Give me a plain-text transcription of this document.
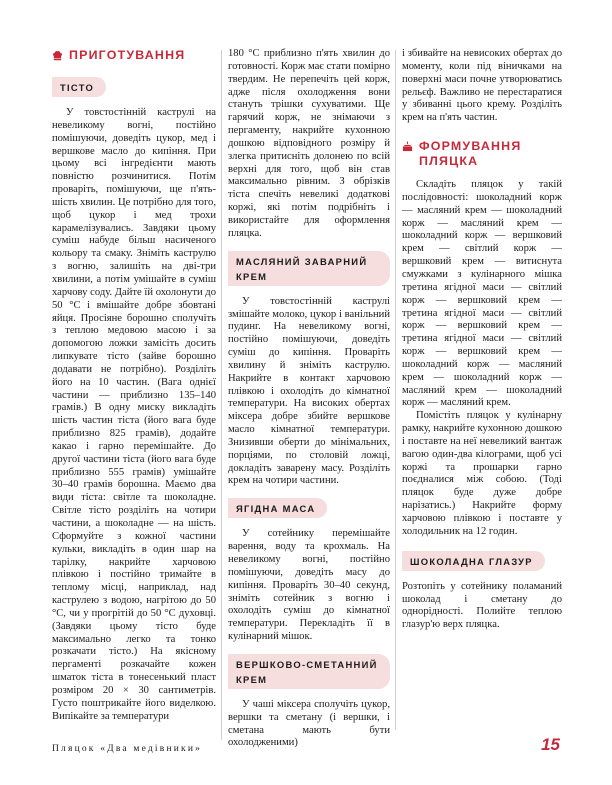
ПРИГОТУВАННЯ
ТІСТО

У товстостінній каструлі на невеликому вогні, постійно помішуючи, доведіть цукор, мед і вершкове масло до кипіння. При цьому всі інгредієнти мають повністю розчинитися. Потім проваріть, помішуючи, ще п'ять-шість хвилин. Це потрібно для того, щоб цукор і мед трохи карамелізувались. Завдяки цьому суміш набуде більш насиченого кольору та смаку. Зніміть каструлю з вогню, залишіть на дві-три хвилини, а потім умішайте в суміш харчову соду. Дайте їй охолонути до 50 °С і вмішайте добре збовтані яйця. Просіяне борошно сполучіть з теплою медовою масою і за допомогою ложки замісіть досить липкувате тісто (зайве борошно додавати не потрібно). Розділіть його на 10 частин. (Вага однієї частини — приблизно 135–140 грамів.) В одну миску викладіть шість частин тіста (його вага буде приблизно 825 грамів), додайте какао і гарно перемішайте. До другої частини тіста (його вага буде приблизно 555 грамів) умішайте 30–40 грамів борошна. Маємо два види тіста: світле та шоколадне. Світле тісто розділіть на чотири частини, а шоколадне — на шість. Сформуйте з кожної частини кульки, викладіть в один шар на тарілку, накрийте харчовою плівкою і постійно тримайте в теплому місці, наприклад, над каструлею з водою, нагрітою до 50 °С, чи у прогрітій до 50 °С духовці. (Завдяки цьому тісто буде максимально легко та тонко розкачати тісто.) На якісному пергаменті розкачайте кожен шматок тіста в тонесенький пласт розміром 20 × 30 сантиметрів. Густо поштрикайте його виделкою. Випікайте за температури

180 °С приблизно п'ять хвилин до готовності. Корж має стати помірно твердим. Не перепечіть цей корж, адже після охолодження вони стануть трішки сухуватими. Ще гарячий корж, не знімаючи з пергаменту, накрийте кухонною дошкою відповідного розміру й злегка притисніть долонею по всій верхні для того, щоб він став максимально рівним. З обрізків тіста спечіть невеликі додаткові коржі, які потім подрібніть і використайте для оформлення пляцка.

МАСЛЯНИЙ ЗАВАРНИЙ КРЕМ

У товстостінній каструлі змішайте молоко, цукор і ванільний пудинг. На невеликому вогні, постійно помішуючи, доведіть суміш до кипіння. Проваріть хвилину й зніміть каструлю. Накрийте в контакт харчовою плівкою і охолодіть до кімнатної температури. На високих обертах міксера добре збийте вершкове масло кімнатної температури. Знизивши оберти до мінімальних, порціями, по столовій ложці, докладіть заварену масу. Розділіть крем на чотири частини.

ЯГІДНА МАСА

У сотейнику перемішайте варення, воду та крохмаль. На невеликому вогні, постійно помішуючи, доведіть масу до кипіння. Проваріть 30–40 секунд, зніміть сотейник з вогню і охолодіть суміш до кімнатної температури. Перекладіть її в кулінарний мішок.

ВЕРШКОВО-СМЕТАННИЙ КРЕМ

У чаші міксера сполучіть цукор, вершки та сметану (і вершки, і сметана мають бути охолодженими)

і збивайте на невисоких обертах до моменту, коли під віничками на поверхні маси почне утворюватись рельєф. Важливо не перестаратися у збиванні цього крему. Розділіть крем на п'ять частин.

ФОРМУВАННЯ ПЛЯЦКА

Складіть пляцок у такій послідовності: шоколадний корж — масляний крем — шоколадний корж — масляний крем — шоколадний корж — вершковий крем — світлий корж — вершковий крем — витиснута смужками з кулінарного мішка третина ягідної маси — світлий корж — вершковий крем — третина ягідної маси — світлий корж — вершковий крем — третина ягідної маси — світлий корж — вершковий крем — шоколадний корж — масляний крем — шоколадний корж — масляний крем — шоколадний корж — масляний крем.

Помістіть пляцок у кулінарну рамку, накрийте кухонною дошкою і поставте на неї невеликий вантаж вагою один-два кілограми, щоб усі коржі та прошарки гарно поєдналися між собою. (Тоді пляцок буде дуже добре нарізатись.) Накрийте форму харчовою плівкою і поставте у холодильник на 12 годин.

ШОКОЛАДНА ГЛАЗУР

Розтопіть у сотейнику поламаний шоколад і сметану до однорідності. Полийте теплою глазур'ю верх пляцка.

Пляцок «Два медівники»	15
